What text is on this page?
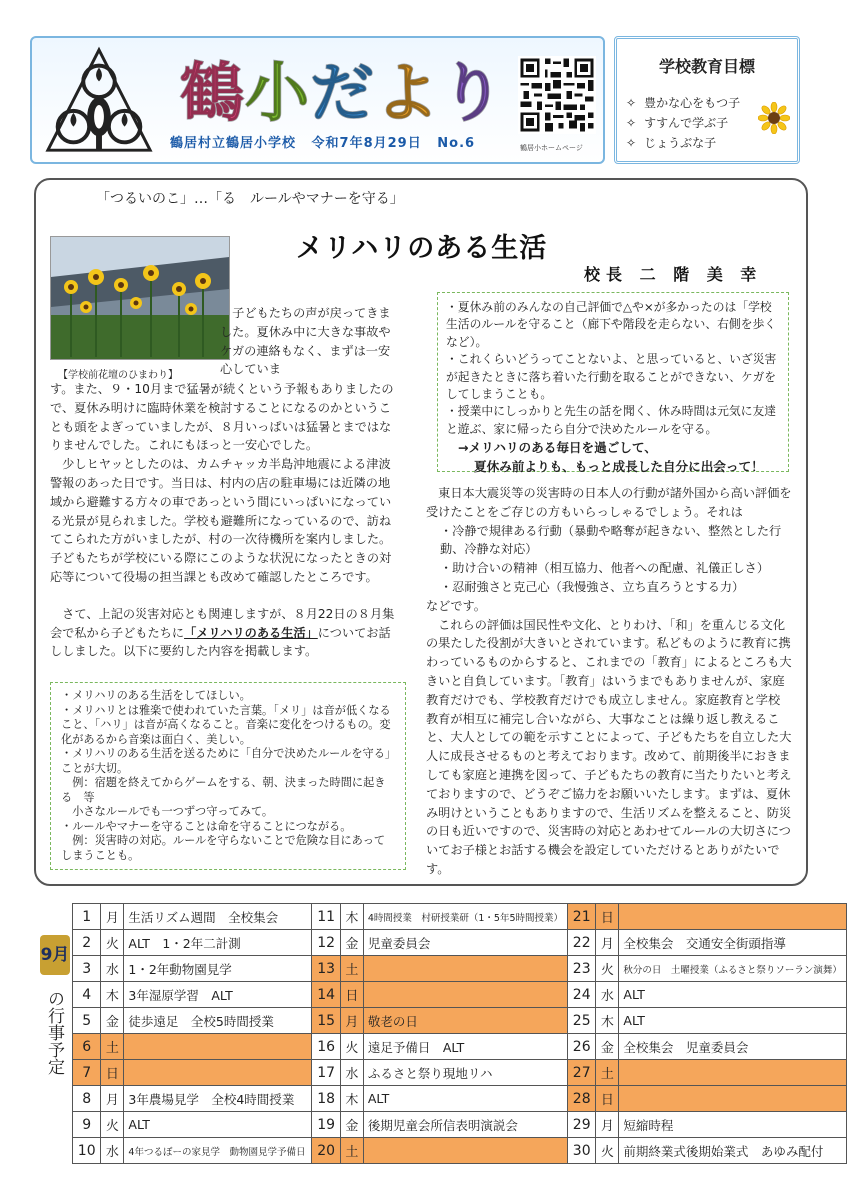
鶴 小 だ よ り
鶴居村立鶴居小学校 令和7年8月29日 No.6	鶴居小ホームページ
学校教育目標
✧ 豊かな心をもつ子
✧ すすんで学ぶ子
✧ じょうぶな子
「つるいのこ」…「る　ルールやマナーを守る」
メリハリのある生活
校長 二 階 美 幸
【学校前花壇のひまわり】

　子どもたちの声が戻ってきました。夏休み中に大きな事故やケガの連絡もなく、まずは一安心していま

す。また、９・10月まで猛暑が続くという予報もありましたので、夏休み明けに臨時休業を検討することになるのかということも頭をよぎっていましたが、８月いっぱいは猛暑とまではなりませんでした。これにもほっと一安心でした。

　少しヒヤッとしたのは、カムチャッカ半島沖地震による津波警報のあった日です。当日は、村内の店の駐車場には近隣の地域から避難する方々の車であっという間にいっぱいになっている光景が見られました。学校も避難所になっているので、訪ねてこられた方がいましたが、村の一次待機所を案内しました。子どもたちが学校にいる際にこのような状況になったときの対応等について役場の担当課とも改めて確認したところです。

　さて、上記の災害対応とも関連しますが、８月22日の８月集会で私から子どもたちに「メリハリのある生活」についてお話ししました。以下に要約した内容を掲載します。

・夏休み前のみんなの自己評価で△や×が多かったのは「学校生活のルールを守ること（廊下や階段を走らない、右側を歩くなど）。

・これくらいどうってことないよ、と思っていると、いざ災害が起きたときに落ち着いた行動を取ることができない、ケガをしてしまうことも。

・授業中にしっかりと先生の話を聞く、休み時間は元気に友達と遊ぶ、家に帰ったら自分で決めたルールを守る。

→メリハリのある毎日を過ごして、

夏休み前よりも、もっと成長した自分に出会って！

・メリハリのある生活をしてほしい。

・メリハリとは雅楽で使われていた言葉。「メリ」は音が低くなること、「ハリ」は音が高くなること。音楽に変化をつけるもの。変化があるから音楽は面白く、美しい。

・メリハリのある生活を送るために「自分で決めたルールを守る」ことが大切。

　例：宿題を終えてからゲームをする、朝、決まった時間に起きる　等

　小さなルールでも一つずつ守ってみて。

・ルールやマナーを守ることは命を守ることにつながる。

　例：災害時の対応。ルールを守らないことで危険な目にあってしまうことも。

　東日本大震災等の災害時の日本人の行動が諸外国から高い評価を受けたことをご存じの方もいらっしゃるでしょう。それは

・冷静で規律ある行動（暴動や略奪が起きない、整然とした行動、冷静な対応）

・助け合いの精神（相互協力、他者への配慮、礼儀正しさ）

・忍耐強さと克己心（我慢強さ、立ち直ろうとする力）

などです。

　これらの評価は国民性や文化、とりわけ、「和」を重んじる文化の果たした役割が大きいとされています。私どものように教育に携わっているものからすると、これまでの「教育」によるところも大きいと自負しています。「教育」はいうまでもありませんが、家庭教育だけでも、学校教育だけでも成立しません。家庭教育と学校教育が相互に補完し合いながら、大事なことは繰り返し教えること、大人としての範を示すことによって、子どもたちを自立した大人に成長させるものと考えております。改めて、前期後半におきましても家庭と連携を図って、子どもたちの教育に当たりたいと考えておりますので、どうぞご協力をお願いいたします。まずは、夏休み明けということもありますので、生活リズムを整えること、防災の日も近いですので、災害時の対応とあわせてルールの大切さについてお子様とお話する機会を設定していただけるとありがたいです。

9月
の行事予定
1	月	生活リズム週間　全校集会	11	木	4時間授業　村研授業研（1・5年5時間授業）	21	日	
2	火	ALT　1・2年二計測	12	金	児童委員会	22	月	全校集会　交通安全街頭指導
3	水	1・2年動物園見学	13	土		23	火	秋分の日　土曜授業（ふるさと祭りソーラン演舞）
4	木	3年湿原学習　ALT	14	日		24	水	ALT
5	金	徒歩遠足　全校5時間授業	15	月	敬老の日	25	木	ALT
6	土		16	火	遠足予備日　ALT	26	金	全校集会　児童委員会
7	日		17	水	ふるさと祭り現地リハ	27	土	
8	月	3年農場見学　全校4時間授業	18	木	ALT	28	日	
9	火	ALT	19	金	後期児童会所信表明演説会	29	月	短縮時程
10	水	4年つるぼーの家見学　動物園見学予備日	20	土		30	火	前期終業式後期始業式　あゆみ配付
